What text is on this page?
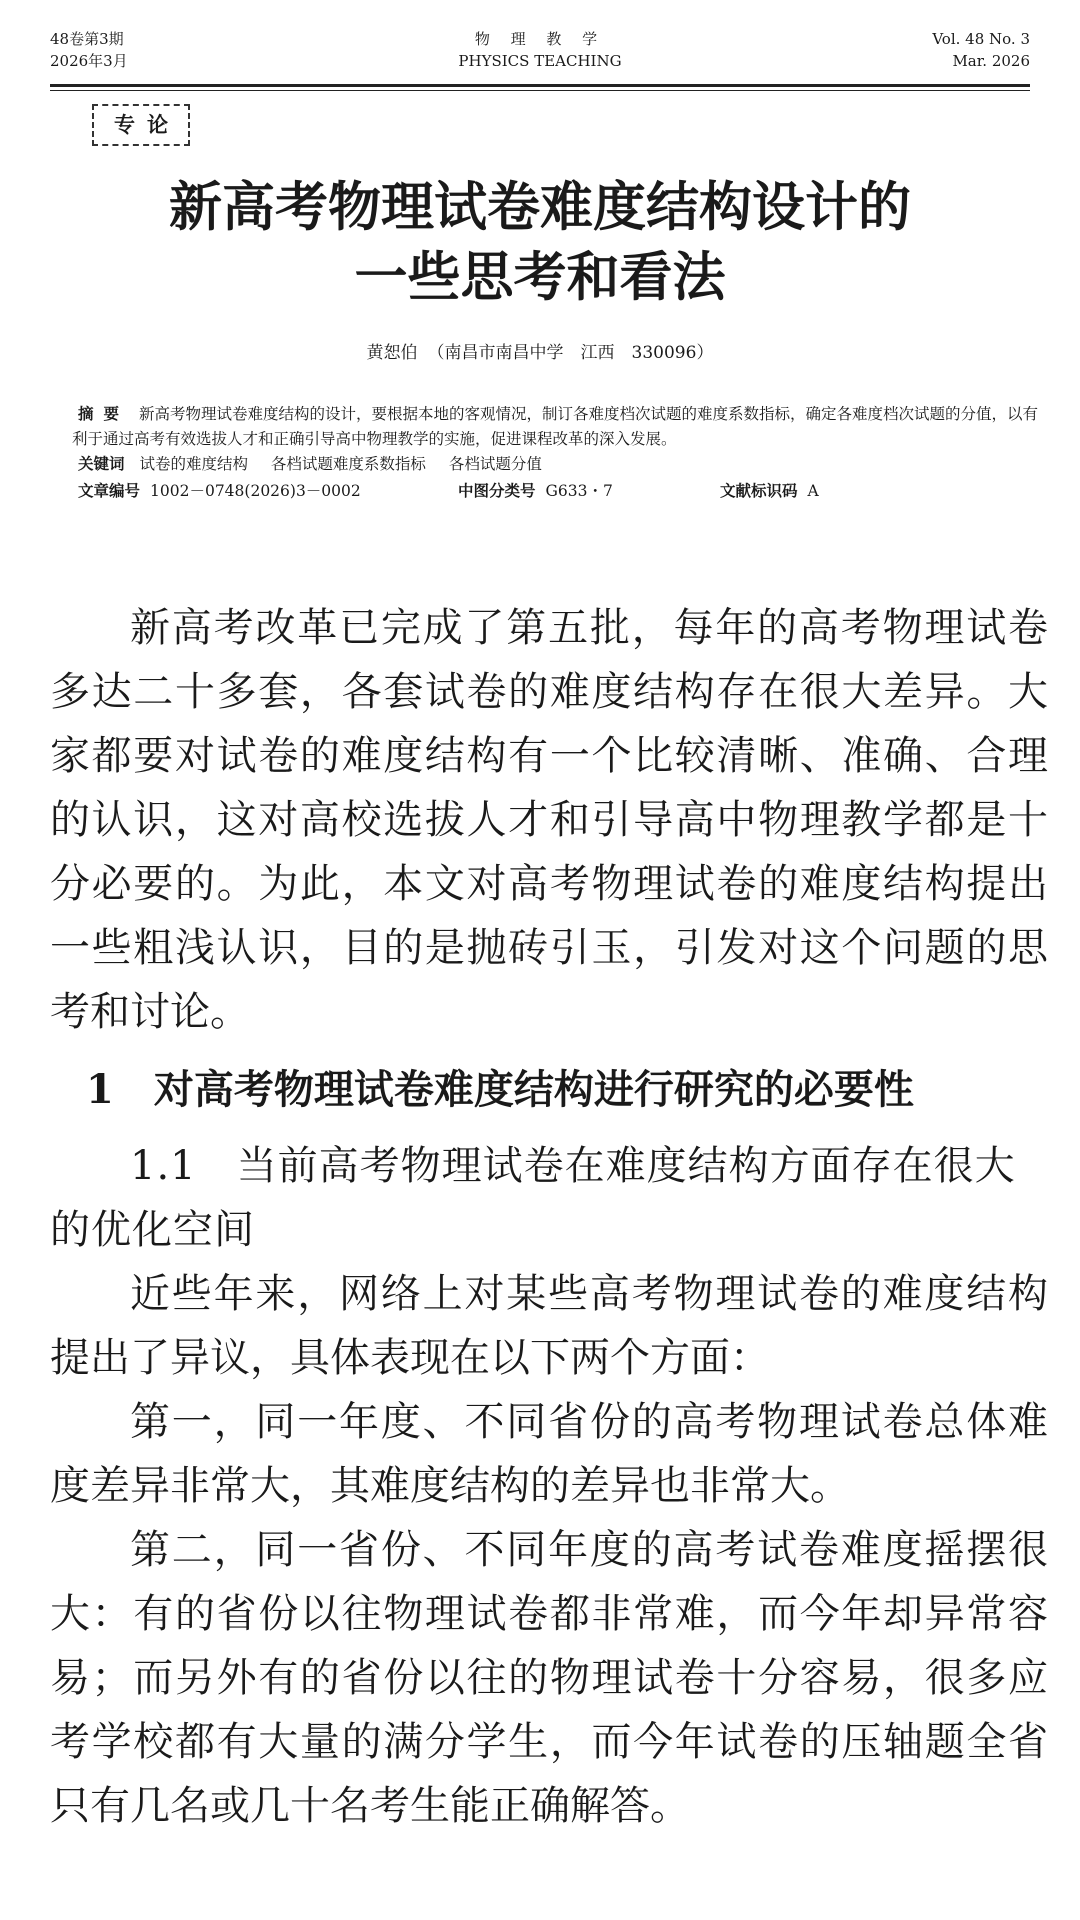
48卷第3期
2026年3月
物 理 教 学
PHYSICS TEACHING
Vol. 48 No. 3
Mar. 2026
专论
新高考物理试卷难度结构设计的
一些思考和看法
黄恕伯 （南昌市南昌中学　江西　330096）

摘要 新高考物理试卷难度结构的设计，要根据本地的客观情况，制订各难度档次试题的难度系数指标，确定各难度档次试题的分值，以有利于通过高考有效选拔人才和正确引导高中物理教学的实施，促进课程改革的深入发展。

关键词 试卷的难度结构 各档试题难度系数指标 各档试题分值
文章编号 1002－0748(2026)3－0002	中图分类号 G633・7	文献标识码 A

新高考改革已完成了第五批，每年的高考物理试卷多达二十多套，各套试卷的难度结构存在很大差异。大家都要对试卷的难度结构有一个比较清晰、准确、合理的认识，这对高校选拔人才和引导高中物理教学都是十分必要的。为此，本文对高考物理试卷的难度结构提出一些粗浅认识，目的是抛砖引玉，引发对这个问题的思考和讨论。

1 对高考物理试卷难度结构进行研究的必要性

1.1 当前高考物理试卷在难度结构方面存在很大的优化空间

近些年来，网络上对某些高考物理试卷的难度结构提出了异议，具体表现在以下两个方面：

第一，同一年度、不同省份的高考物理试卷总体难度差异非常大，其难度结构的差异也非常大。

第二，同一省份、不同年度的高考试卷难度摇摆很大：有的省份以往物理试卷都非常难，而今年却异常容易；而另外有的省份以往的物理试卷十分容易，很多应考学校都有大量的满分学生，而今年试卷的压轴题全省只有几名或几十名考生能正确解答。
